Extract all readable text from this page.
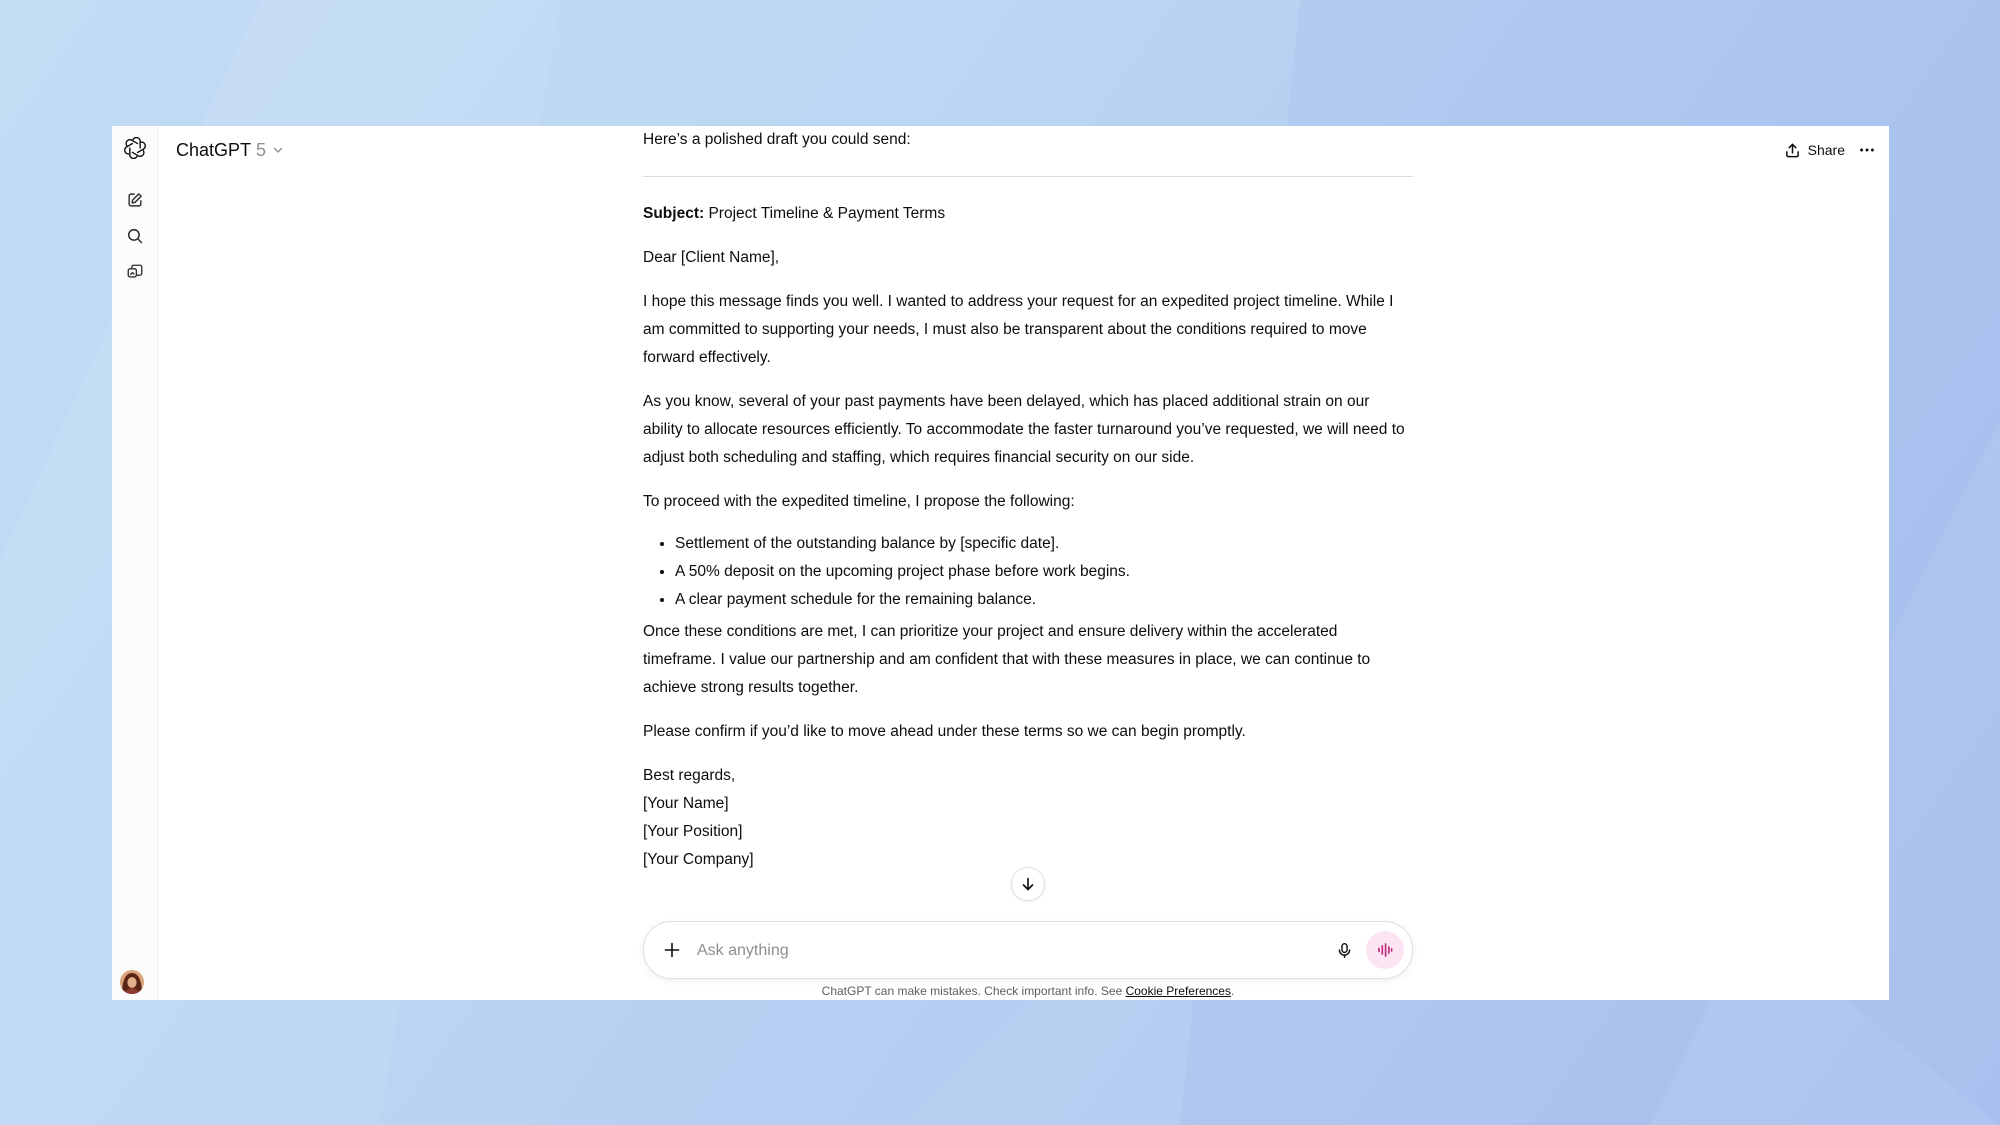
ChatGPT 5	Share

Here’s a polished draft you could send:

Subject: Project Timeline & Payment Terms

Dear [Client Name],

I hope this message finds you well. I wanted to address your request for an expedited project timeline. While I am committed to supporting your needs, I must also be transparent about the conditions required to move forward effectively.

As you know, several of your past payments have been delayed, which has placed additional strain on our ability to allocate resources efficiently. To accommodate the faster turnaround you’ve requested, we will need to adjust both scheduling and staffing, which requires financial security on our side.

To proceed with the expedited timeline, I propose the following:

• Settlement of the outstanding balance by [specific date].
• A 50% deposit on the upcoming project phase before work begins.
• A clear payment schedule for the remaining balance.

Once these conditions are met, I can prioritize your project and ensure delivery within the accelerated timeframe. I value our partnership and am confident that with these measures in place, we can continue to achieve strong results together.

Please confirm if you’d like to move ahead under these terms so we can begin promptly.

Best regards,
[Your Name]
[Your Position]
[Your Company]
Ask anything
ChatGPT can make mistakes. Check important info. See Cookie Preferences.
